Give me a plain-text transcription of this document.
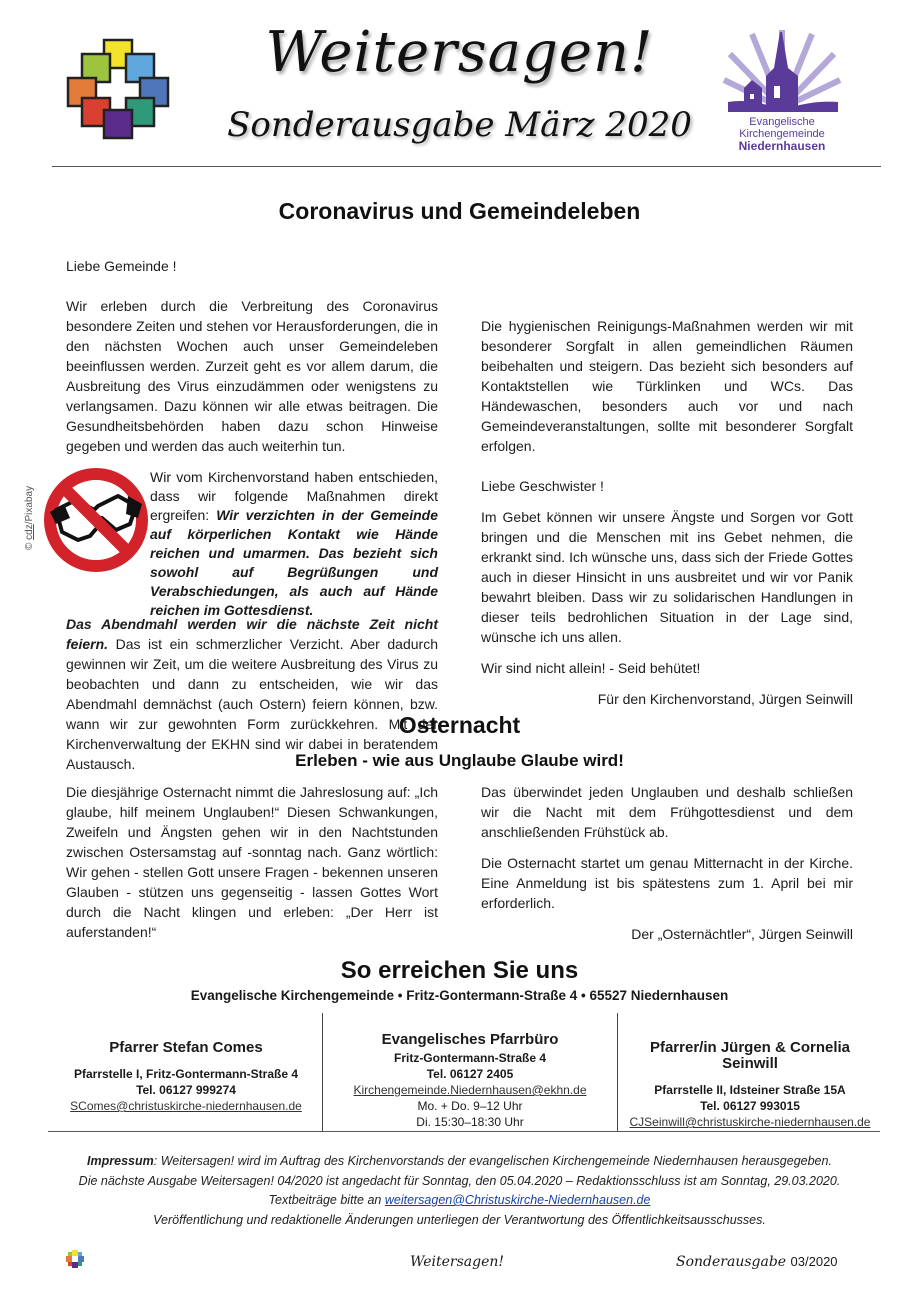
Weitersagen!
Sonderausgabe März 2020	Evangelische
Kirchengemeinde
Niedernhausen
Coronavirus und Gemeindeleben

Liebe Gemeinde !

Wir erleben durch die Verbreitung des Coronavirus besondere Zeiten und stehen vor Herausforderungen, die in den nächsten Wochen auch unser Gemeindeleben beeinflussen werden. Zurzeit geht es vor allem darum, die Ausbreitung des Virus einzudämmen oder wenigstens zu verlangsamen. Dazu können wir alle etwas beitragen. Die Gesundheitsbehörden haben dazu schon Hinweise gegeben und werden das auch weiterhin tun.

© cdz/Pixabay
Wir vom Kirchenvorstand haben entschieden, dass wir folgende Maßnahmen direkt ergreifen: Wir verzichten in der Gemeinde auf körperlichen Kontakt wie Hände reichen und umarmen. Das bezieht sich sowohl auf Begrüßungen und Verabschiedungen, als auch auf Hände reichen im Gottesdienst.
Das Abendmahl werden wir die nächste Zeit nicht feiern. Das ist ein schmerzlicher Verzicht. Aber dadurch gewinnen wir Zeit, um die weitere Ausbreitung des Virus zu beobachten und dann zu entscheiden, wie wir das Abendmahl demnächst (auch Ostern) feiern können, bzw. wann wir zur gewohnten Form zurückkehren. Mit der Kirchenverwaltung der EKHN sind wir dabei in beratendem Austausch.

Die hygienischen Reinigungs-Maßnahmen werden wir mit besonderer Sorgfalt in allen gemeindlichen Räumen beibehalten und steigern. Das bezieht sich besonders auf Kontaktstellen wie Türklinken und WCs. Das Händewaschen, besonders auch vor und nach Gemeindeveranstaltungen, sollte mit besonderer Sorgfalt erfolgen.

Liebe Geschwister !

Im Gebet können wir unsere Ängste und Sorgen vor Gott bringen und die Menschen mit ins Gebet nehmen, die erkrankt sind. Ich wünsche uns, dass sich der Friede Gottes auch in dieser Hinsicht in uns ausbreitet und wir vor Panik bewahrt bleiben. Dass wir zu solidarischen Handlungen in dieser teils bedrohlichen Situation in der Lage sind, wünsche ich uns allen.

Wir sind nicht allein! - Seid behütet!

Für den Kirchenvorstand, Jürgen Seinwill

Osternacht
Erleben - wie aus Unglaube Glaube wird!

Die diesjährige Osternacht nimmt die Jahreslosung auf: „Ich glaube, hilf meinem Unglauben!“ Diesen Schwankungen, Zweifeln und Ängsten gehen wir in den Nachtstunden zwischen Ostersamstag auf -sonntag nach. Ganz wörtlich: Wir gehen - stellen Gott unsere Fragen - bekennen unseren Glauben - stützen uns gegenseitig - lassen Gottes Wort durch die Nacht klingen und erleben: „Der Herr ist auferstanden!“

Das überwindet jeden Unglauben und deshalb schließen wir die Nacht mit dem Frühgottesdienst und dem anschließenden Frühstück ab.

Die Osternacht startet um genau Mitternacht in der Kirche. Eine Anmeldung ist bis spätestens zum 1. April bei mir erforderlich.

Der „Osternächtler“, Jürgen Seinwill

So erreichen Sie uns
Evangelische Kirchengemeinde • Fritz-Gontermann-Straße 4 • 65527 Niedernhausen
Pfarrer Stefan Comes
Pfarrstelle I, Fritz-Gontermann-Straße 4
Tel. 06127 999274
SComes@christuskirche-niedernhausen.de
Evangelisches Pfarrbüro
Fritz-Gontermann-Straße 4
Tel. 06127 2405
Kirchengemeinde.Niedernhausen@ekhn.de
Mo. + Do. 9–12 Uhr
Di. 15:30–18:30 Uhr
Pfarrer/in Jürgen & Cornelia Seinwill
Pfarrstelle II, Idsteiner Straße 15A
Tel. 06127 993015
CJSeinwill@christuskirche-niedernhausen.de
Impressum: Weitersagen! wird im Auftrag des Kirchenvorstands der evangelischen Kirchengemeinde Niedernhausen herausgegeben.
Die nächste Ausgabe Weitersagen! 04/2020 ist angedacht für Sonntag, den 05.04.2020 – Redaktionsschluss ist am Sonntag, 29.03.2020.
Textbeiträge bitte an weitersagen@Christuskirche-Niedernhausen.de
Veröffentlichung und redaktionelle Änderungen unterliegen der Verantwortung des Öffentlichkeitsausschusses.
Weitersagen!	Sonderausgabe 03/2020
